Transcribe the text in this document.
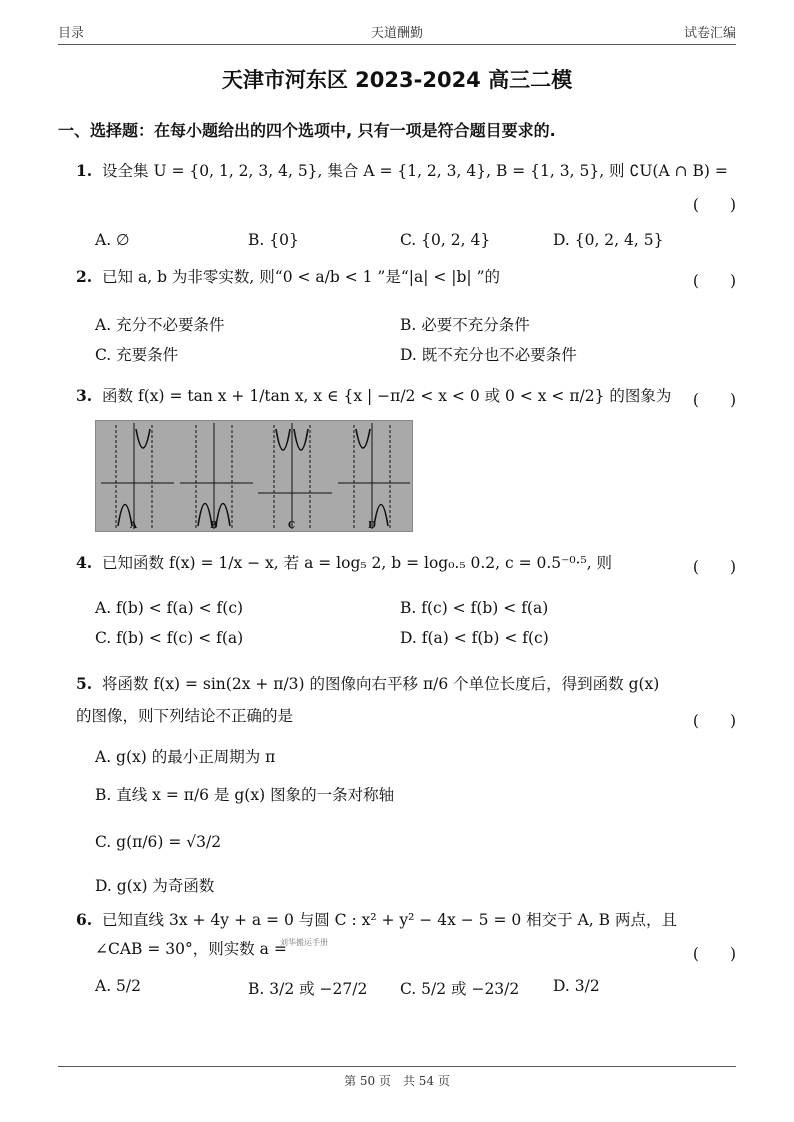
目录	天道酬勤	试卷汇编
天津市河东区 2023-2024 高三二模
一、选择题：在每小题给出的四个选项中, 只有一项是符合题目要求的.
1. 设全集 U = {0, 1, 2, 3, 4, 5}, 集合 A = {1, 2, 3, 4}, B = {1, 3, 5}, 则 ∁U(A ∩ B) =
(　　)
A. ∅	B. {0}	C. {0, 2, 4}	D. {0, 2, 4, 5}
2. 已知 a, b 为非零实数, 则“0 < a/b < 1 ”是“|a| < |b| ”的	(　　)
A. 充分不必要条件	B. 必要不充分条件
C. 充要条件	D. 既不充分也不必要条件
3. 函数 f(x) = tan x + 1/tan x, x ∈ {x | −π/2 < x < 0 或 0 < x < π/2} 的图象为 (　　)
A	B	C	D
4. 已知函数 f(x) = 1/x − x, 若 a = log₅ 2, b = log₀.₅ 0.2, c = 0.5⁻⁰·⁵, 则	(　　)
A. f(b) < f(a) < f(c)	B. f(c) < f(b) < f(a)
C. f(b) < f(c) < f(a)	D. f(a) < f(b) < f(c)
5. 将函数 f(x) = sin(2x + π/3) 的图像向右平移 π/6 个单位长度后，得到函数 g(x)
的图像，则下列结论不正确的是	(　　)
A. g(x) 的最小正周期为 π
B. 直线 x = π/6 是 g(x) 图象的一条对称轴
C. g(π/6) = √3/2
D. g(x) 为奇函数
6. 已知直线 3x + 4y + a = 0 与圆 C : x² + y² − 4x − 5 = 0 相交于 A, B 两点，且
∠CAB = 30°，则实数 a =
刘华搬运手册
(　　)
A. 5/2	B. 3/2 或 −27/2 C. 5/2 或 −23/2 D. 3/2
第 50 页　共 54 页
